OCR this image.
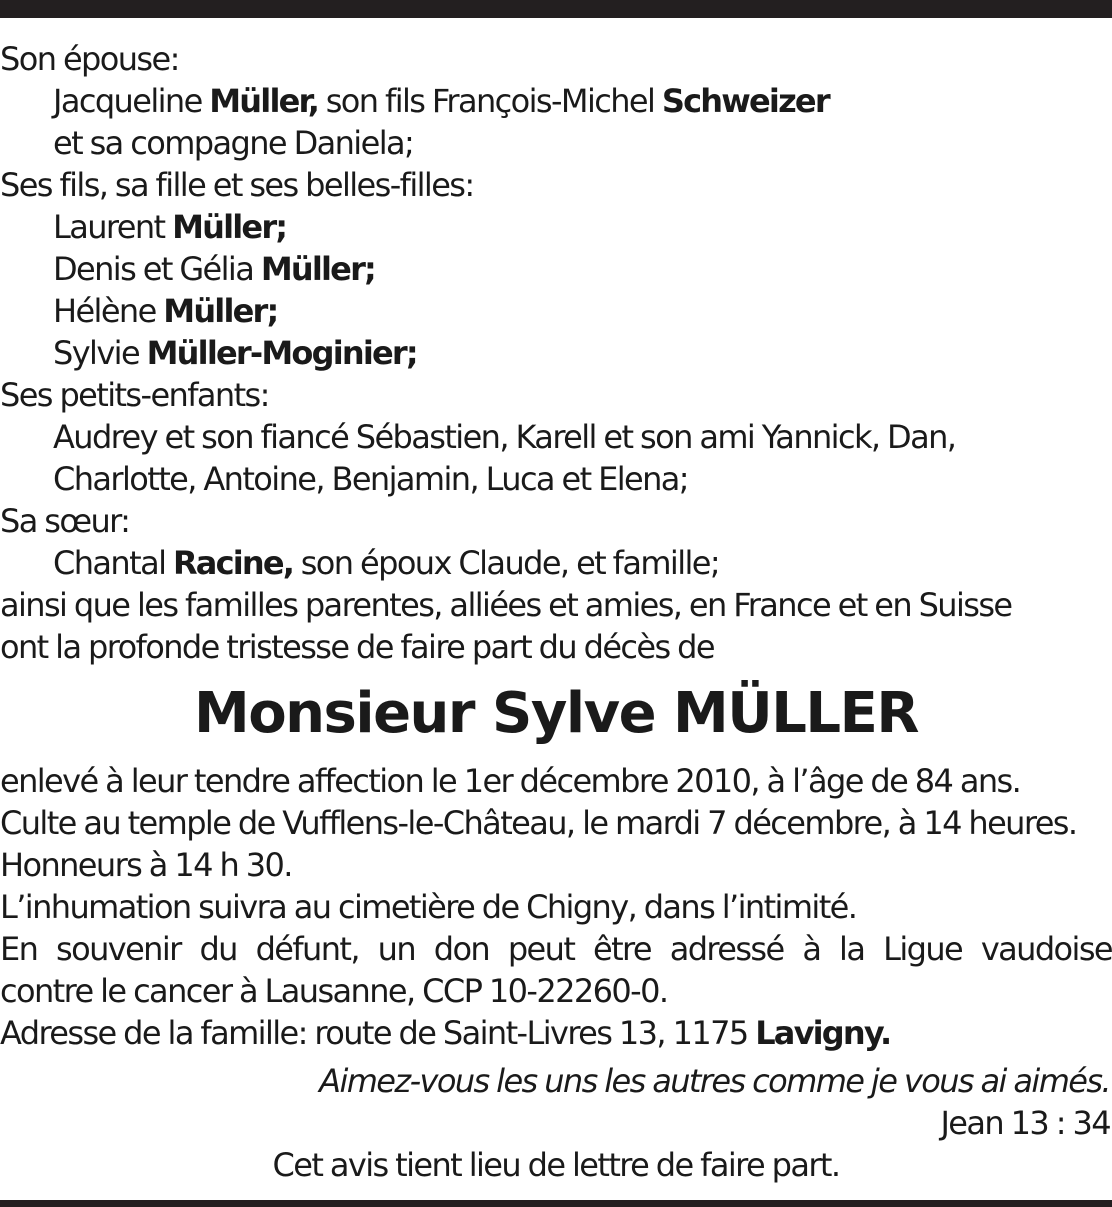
Son épouse:
Jacqueline Müller, son fils François-Michel Schweizer
et sa compagne Daniela;
Ses fils, sa fille et ses belles-filles:
Laurent Müller;
Denis et Gélia Müller;
Hélène Müller;
Sylvie Müller-Moginier;
Ses petits-enfants:
Audrey et son fiancé Sébastien, Karell et son ami Yannick, Dan,
Charlotte, Antoine, Benjamin, Luca et Elena;
Sa sœur:
Chantal Racine, son époux Claude, et famille;
ainsi que les familles parentes, alliées et amies, en France et en Suisse
ont la profonde tristesse de faire part du décès de
Monsieur Sylve MÜLLER
enlevé à leur tendre affection le 1er décembre 2010, à l’âge de 84 ans.
Culte au temple de Vufflens-le-Château, le mardi 7 décembre, à 14 heures.
Honneurs à 14 h 30.
L’inhumation suivra au cimetière de Chigny, dans l’intimité.
En souvenir du défunt, un don peut être adressé à la Ligue vaudoise
contre le cancer à Lausanne, CCP 10-22260-0.
Adresse de la famille: route de Saint-Livres 13, 1175 Lavigny.
Aimez-vous les uns les autres comme je vous ai aimés.
Jean 13 : 34
Cet avis tient lieu de lettre de faire part.
